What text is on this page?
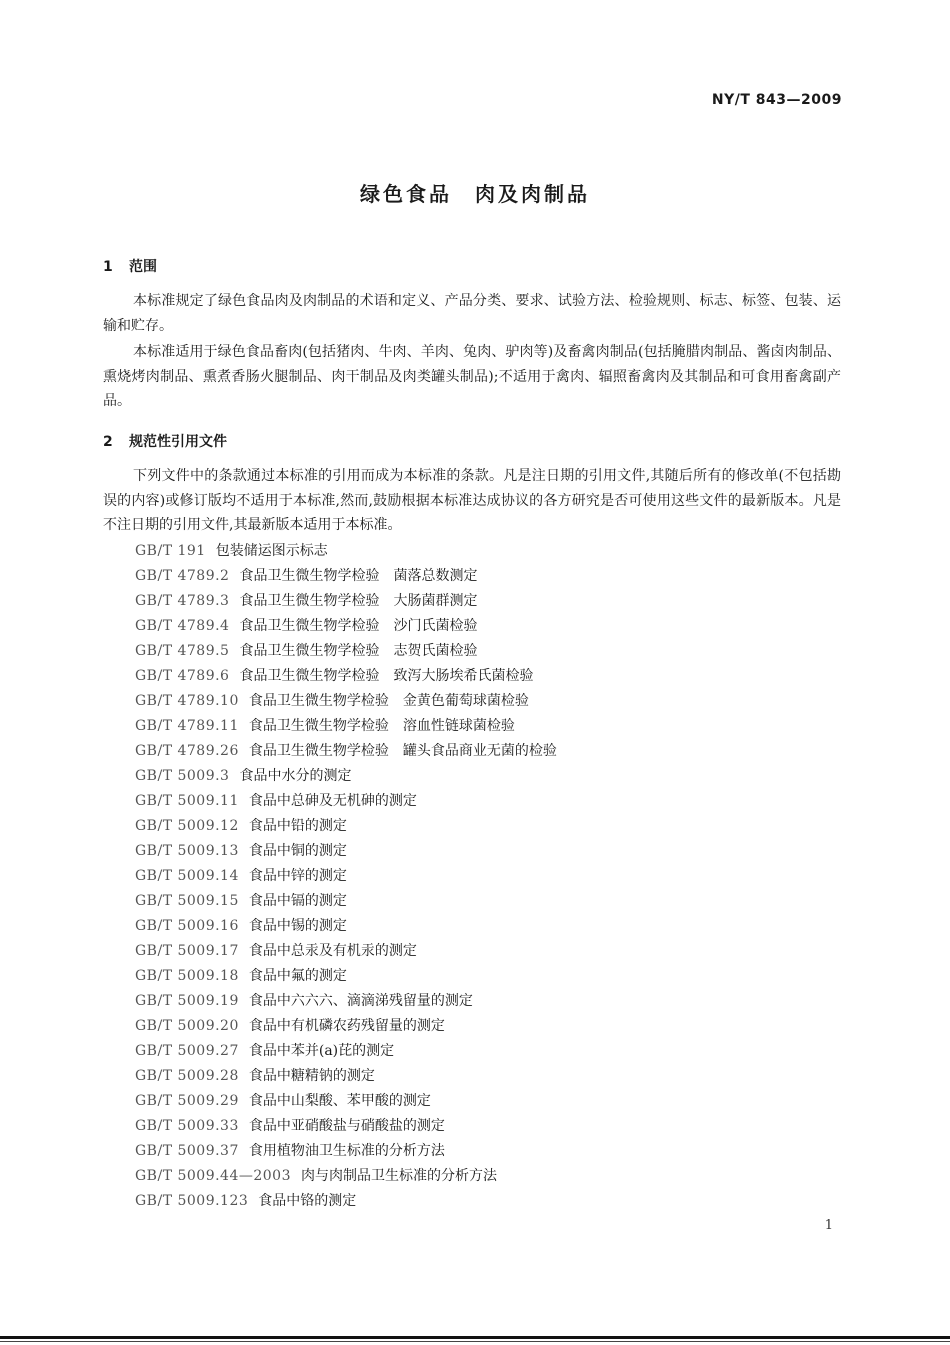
NY/T 843—2009
绿色食品　肉及肉制品
1 范围

本标准规定了绿色食品肉及肉制品的术语和定义、产品分类、要求、试验方法、检验规则、标志、标签、包装、运输和贮存。

本标准适用于绿色食品畜肉(包括猪肉、牛肉、羊肉、兔肉、驴肉等)及畜禽肉制品(包括腌腊肉制品、酱卤肉制品、熏烧烤肉制品、熏煮香肠火腿制品、肉干制品及肉类罐头制品);不适用于禽肉、辐照畜禽肉及其制品和可食用畜禽副产品。

2 规范性引用文件

下列文件中的条款通过本标准的引用而成为本标准的条款。凡是注日期的引用文件,其随后所有的修改单(不包括勘误的内容)或修订版均不适用于本标准,然而,鼓励根据本标准达成协议的各方研究是否可使用这些文件的最新版本。凡是不注日期的引用文件,其最新版本适用于本标准。

GB/T 191 包装储运图示标志
GB/T 4789.2 食品卫生微生物学检验　菌落总数测定
GB/T 4789.3 食品卫生微生物学检验　大肠菌群测定
GB/T 4789.4 食品卫生微生物学检验　沙门氏菌检验
GB/T 4789.5 食品卫生微生物学检验　志贺氏菌检验
GB/T 4789.6 食品卫生微生物学检验　致泻大肠埃希氏菌检验
GB/T 4789.10 食品卫生微生物学检验　金黄色葡萄球菌检验
GB/T 4789.11 食品卫生微生物学检验　溶血性链球菌检验
GB/T 4789.26 食品卫生微生物学检验　罐头食品商业无菌的检验
GB/T 5009.3 食品中水分的测定
GB/T 5009.11 食品中总砷及无机砷的测定
GB/T 5009.12 食品中铅的测定
GB/T 5009.13 食品中铜的测定
GB/T 5009.14 食品中锌的测定
GB/T 5009.15 食品中镉的测定
GB/T 5009.16 食品中锡的测定
GB/T 5009.17 食品中总汞及有机汞的测定
GB/T 5009.18 食品中氟的测定
GB/T 5009.19 食品中六六六、滴滴涕残留量的测定
GB/T 5009.20 食品中有机磷农药残留量的测定
GB/T 5009.27 食品中苯并(a)芘的测定
GB/T 5009.28 食品中糖精钠的测定
GB/T 5009.29 食品中山梨酸、苯甲酸的测定
GB/T 5009.33 食品中亚硝酸盐与硝酸盐的测定
GB/T 5009.37 食用植物油卫生标准的分析方法
GB/T 5009.44—2003 肉与肉制品卫生标准的分析方法
GB/T 5009.123 食品中铬的测定
1
